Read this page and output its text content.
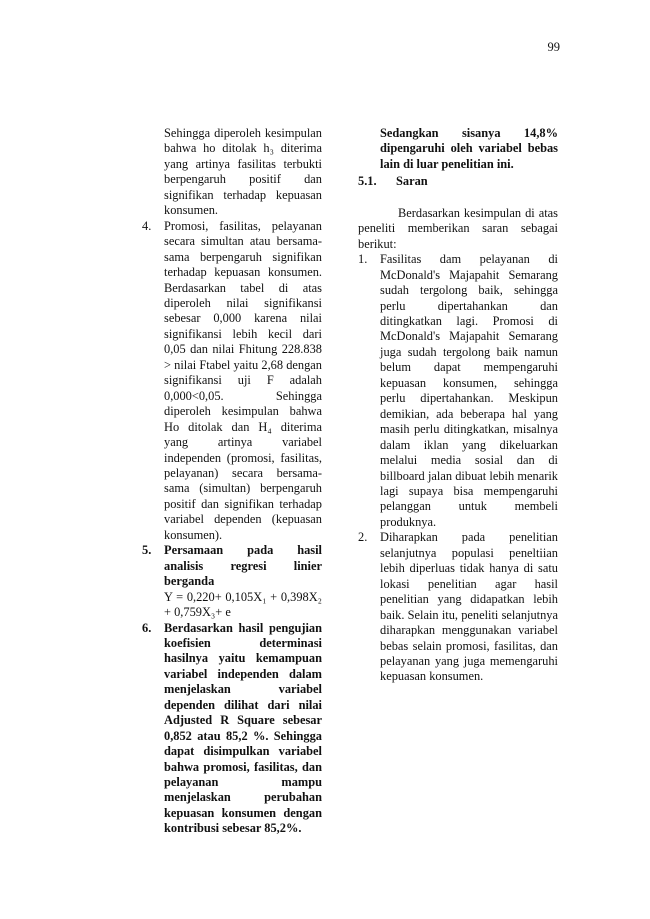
99

Sehingga diperoleh kesimpulan bahwa ho ditolak h₃ diterima yang artinya fasilitas terbukti berpengaruh positif dan signifikan terhadap kepuasan konsumen.

4.	Promosi, fasilitas, pelayanan secara simultan atau bersama-sama berpengaruh signifikan terhadap kepuasan konsumen. Berdasarkan tabel di atas diperoleh nilai signifikansi sebesar 0,000 karena nilai signifikansi lebih kecil dari 0,05 dan nilai Fhitung 228.838 > nilai Ftabel yaitu 2,68 dengan signifikansi uji F adalah 0,000<0,05. Sehingga diperoleh kesimpulan bahwa Ho ditolak dan H₄ diterima yang artinya variabel independen (promosi, fasilitas, pelayanan) secara bersama-sama (simultan) berpengaruh positif dan signifikan terhadap variabel dependen (kepuasan konsumen).
5.	Persamaan pada hasil analisis regresi linier berganda

Y = 0,220+ 0,105X₁ + 0,398X₂ + 0,759X₃+ e

6.	Berdasarkan hasil pengujian koefisien determinasi hasilnya yaitu kemampuan variabel independen dalam menjelaskan variabel dependen dilihat dari nilai Adjusted R Square sebesar 0,852 atau 85,2 %. Sehingga dapat disimpulkan variabel bahwa promosi, fasilitas, dan pelayanan mampu menjelaskan perubahan kepuasan konsumen dengan kontribusi sebesar 85,2%.

Sedangkan sisanya 14,8% dipengaruhi oleh variabel bebas lain di luar penelitian ini.

5.1.	Saran

Berdasarkan kesimpulan di atas peneliti memberikan saran sebagai berikut:

1.	Fasilitas dam pelayanan di McDonald's Majapahit Semarang sudah tergolong baik, sehingga perlu dipertahankan dan ditingkatkan lagi. Promosi di McDonald's Majapahit Semarang juga sudah tergolong baik namun belum dapat mempengaruhi kepuasan konsumen, sehingga perlu dipertahankan. Meskipun demikian, ada beberapa hal yang masih perlu ditingkatkan, misalnya dalam iklan yang dikeluarkan melalui media sosial dan di billboard jalan dibuat lebih menarik lagi supaya bisa mempengaruhi pelanggan untuk membeli produknya.
2.	Diharapkan pada penelitian selanjutnya populasi peneltiian lebih diperluas tidak hanya di satu lokasi penelitian agar hasil penelitian yang didapatkan lebih baik. Selain itu, peneliti selanjutnya diharapkan menggunakan variabel bebas selain promosi, fasilitas, dan pelayanan yang juga memengaruhi kepuasan konsumen.
